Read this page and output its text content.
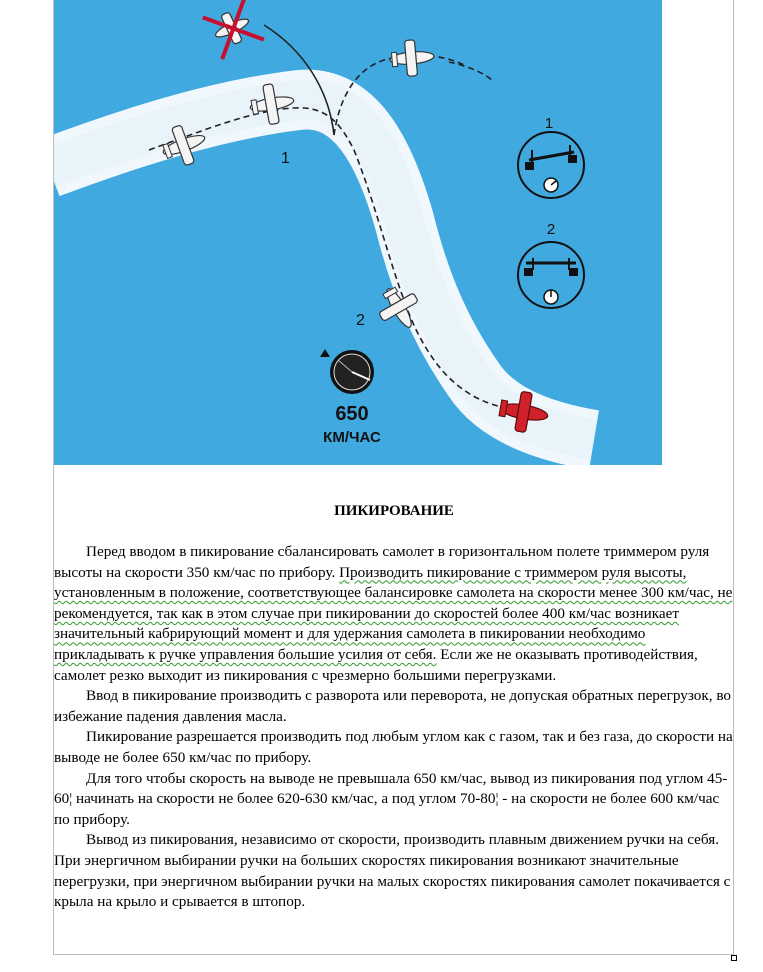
1
2
650
КМ/ЧАС
1
2
ПИКИРОВАНИЕ

Перед вводом в пикирование сбалансировать самолет в горизонтальном полете триммером руля высоты на скорости 350 км/час по прибору. Производить пикирование с триммером руля высоты, установленным в положение, соответствующее балансировке самолета на скорости менее 300 км/час, не рекомендуется, так как в этом случае при пикировании до скоростей более 400 км/час возникает значительный кабрирующий момент и для удержания самолета в пикировании необходимо прикладывать к ручке управления большие усилия от себя. Если же не оказывать противодействия, самолет резко выходит из пикирования с чрезмерно большими перегрузками.

Ввод в пикирование производить с разворота или переворота, не допуская обратных перегрузок, во избежание падения давления масла.

Пикирование разрешается производить под любым углом как с газом, так и без газа, до скорости на выводе не более 650 км/час по прибору.

Для того чтобы скорость на выводе не превышала 650 км/час, вывод из пикирования под углом 45-60¦ начинать на скорости не более 620-630 км/час, а под углом 70-80¦ - на скорости не более 600 км/час по прибору.

Вывод из пикирования, независимо от скорости, производить плавным движением ручки на себя. При энергичном выбирании ручки на больших скоростях пикирования возникают значительные перегрузки, при энергичном выбирании ручки на малых скоростях пикирования самолет покачивается с крыла на крыло и срывается в штопор.
